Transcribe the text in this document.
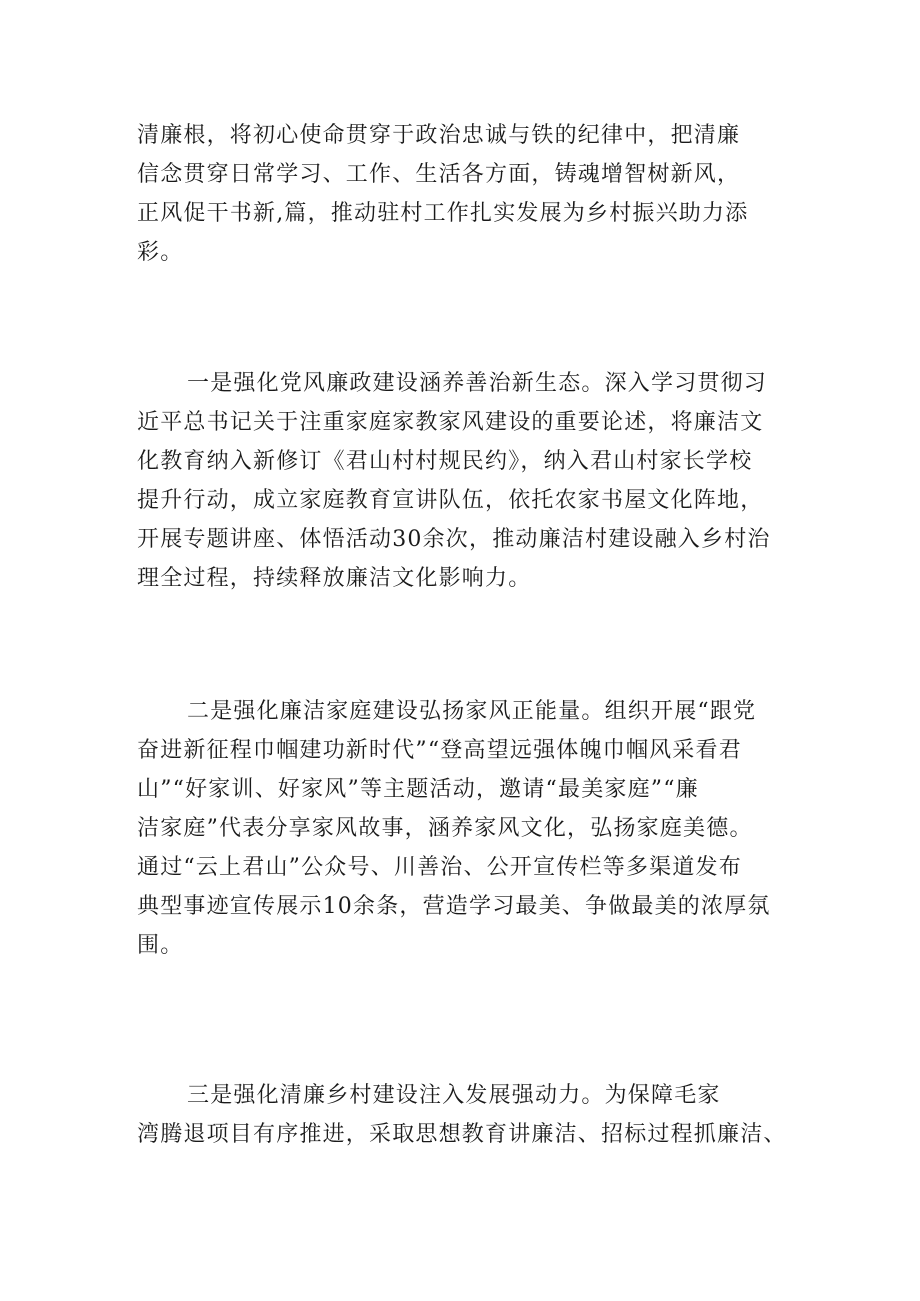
清廉根，将初心使命贯穿于政治忠诚与铁的纪律中，把清廉
信念贯穿日常学习、工作、生活各方面，铸魂增智树新风，
正风促干书新,篇，推动驻村工作扎实发展为乡村振兴助力添
彩。
一是强化党风廉政建设涵养善治新生态。深入学习贯彻习
近平总书记关于注重家庭家教家风建设的重要论述，将廉洁文
化教育纳入新修订《君山村村规民约》，纳入君山村家长学校
提升行动，成立家庭教育宣讲队伍，依托农家书屋文化阵地，
开展专题讲座、体悟活动30余次，推动廉洁村建设融入乡村治
理全过程，持续释放廉洁文化影响力。
二是强化廉洁家庭建设弘扬家风正能量。组织开展“跟党
奋进新征程巾帼建功新时代”“登高望远强体魄巾帼风采看君
山”“好家训、好家风”等主题活动，邀请“最美家庭”“廉
洁家庭”代表分享家风故事，涵养家风文化，弘扬家庭美德。
通过“云上君山”公众号、川善治、公开宣传栏等多渠道发布
典型事迹宣传展示10余条，营造学习最美、争做最美的浓厚氛
围。
三是强化清廉乡村建设注入发展强动力。为保障毛家
湾腾退项目有序推进，采取思想教育讲廉洁、招标过程抓廉洁、
